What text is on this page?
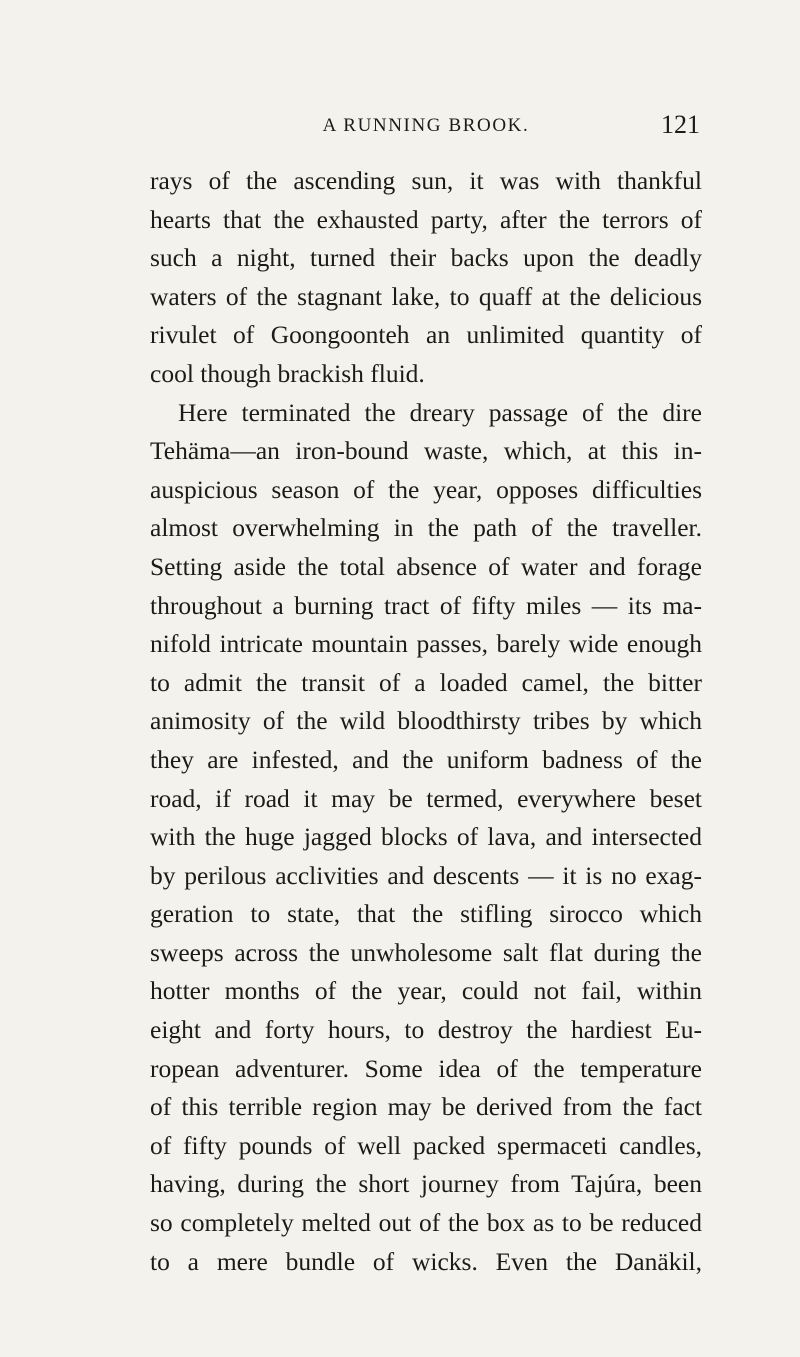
A RUNNING BROOK.	121
rays of the ascending sun, it was with thankful
hearts that the exhausted party, after the terrors of
such a night, turned their backs upon the deadly
waters of the stagnant lake, to quaff at the delicious
rivulet of Goongoonteh an unlimited quantity of
cool though brackish fluid.
Here terminated the dreary passage of the dire
Tehäma—an iron-bound waste, which, at this in-
auspicious season of the year, opposes difficulties
almost overwhelming in the path of the traveller.
Setting aside the total absence of water and forage
throughout a burning tract of fifty miles — its ma-
nifold intricate mountain passes, barely wide enough
to admit the transit of a loaded camel, the bitter
animosity of the wild bloodthirsty tribes by which
they are infested, and the uniform badness of the
road, if road it may be termed, everywhere beset
with the huge jagged blocks of lava, and intersected
by perilous acclivities and descents — it is no exag-
geration to state, that the stifling sirocco which
sweeps across the unwholesome salt flat during the
hotter months of the year, could not fail, within
eight and forty hours, to destroy the hardiest Eu-
ropean adventurer. Some idea of the temperature
of this terrible region may be derived from the fact
of fifty pounds of well packed spermaceti candles,
having, during the short journey from Tajúra, been
so completely melted out of the box as to be reduced
to a mere bundle of wicks. Even the Danäkil,
